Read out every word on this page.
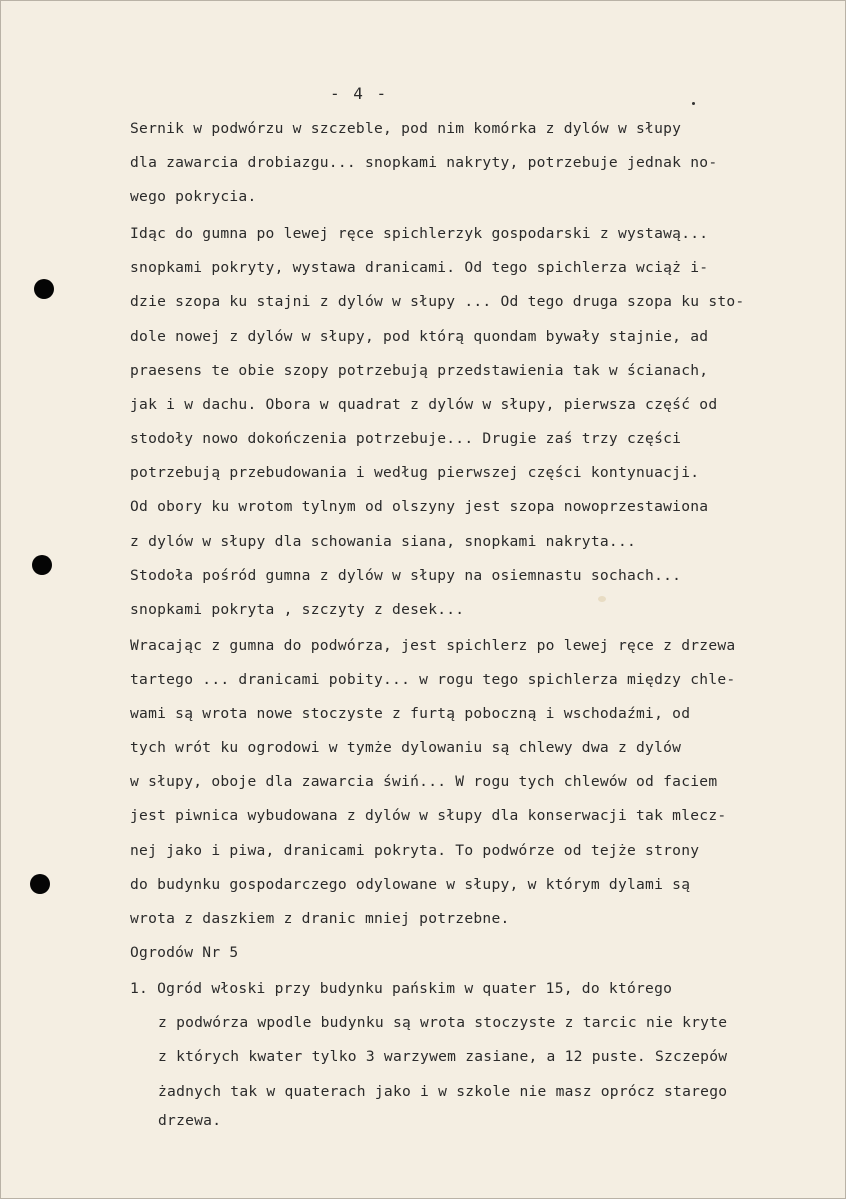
- 4 -
Sernik w podwórzu w szczeble, pod nim komórka z dylów w słupy
dla zawarcia drobiazgu... snopkami nakryty, potrzebuje jednak no-
wego pokrycia.
Idąc do gumna po lewej ręce spichlerzyk gospodarski z wystawą...
snopkami pokryty, wystawa dranicami. Od tego spichlerza wciąż i-
dzie szopa ku stajni z dylów w słupy ... Od tego druga szopa ku sto-
dole nowej z dylów w słupy, pod którą quondam bywały stajnie, ad
praesens te obie szopy potrzebują przedstawienia tak w ścianach,
jak i w dachu. Obora w quadrat z dylów w słupy, pierwsza część od
stodoły nowo dokończenia potrzebuje... Drugie zaś trzy części
potrzebują przebudowania i według pierwszej części kontynuacji.
Od obory ku wrotom tylnym od olszyny jest szopa nowoprzestawiona
z dylów w słupy dla schowania siana, snopkami nakryta...
Stodoła pośród gumna z dylów w słupy na osiemnastu sochach...
snopkami pokryta , szczyty z desek...
Wracając z gumna do podwórza, jest spichlerz po lewej ręce z drzewa
tartego ... dranicami pobity... w rogu tego spichlerza między chle-
wami są wrota nowe stoczyste z furtą poboczną i wschodaźmi, od
tych wrót ku ogrodowi w tymże dylowaniu są chlewy dwa z dylów
w słupy, oboje dla zawarcia świń... W rogu tych chlewów od faciem
jest piwnica wybudowana z dylów w słupy dla konserwacji tak mlecz-
nej jako i piwa, dranicami pokryta. To podwórze od tejże strony
do budynku gospodarczego odylowane w słupy, w którym dylami są
wrota z daszkiem z dranic mniej potrzebne.
Ogrodów Nr 5
1. Ogród włoski przy budynku pańskim w quater 15, do którego
z podwórza wpodle budynku są wrota stoczyste z tarcic nie kryte
z których kwater tylko 3 warzywem zasiane, a 12 puste. Szczepów
żadnych tak w quaterach jako i w szkole nie masz oprócz starego
drzewa.
